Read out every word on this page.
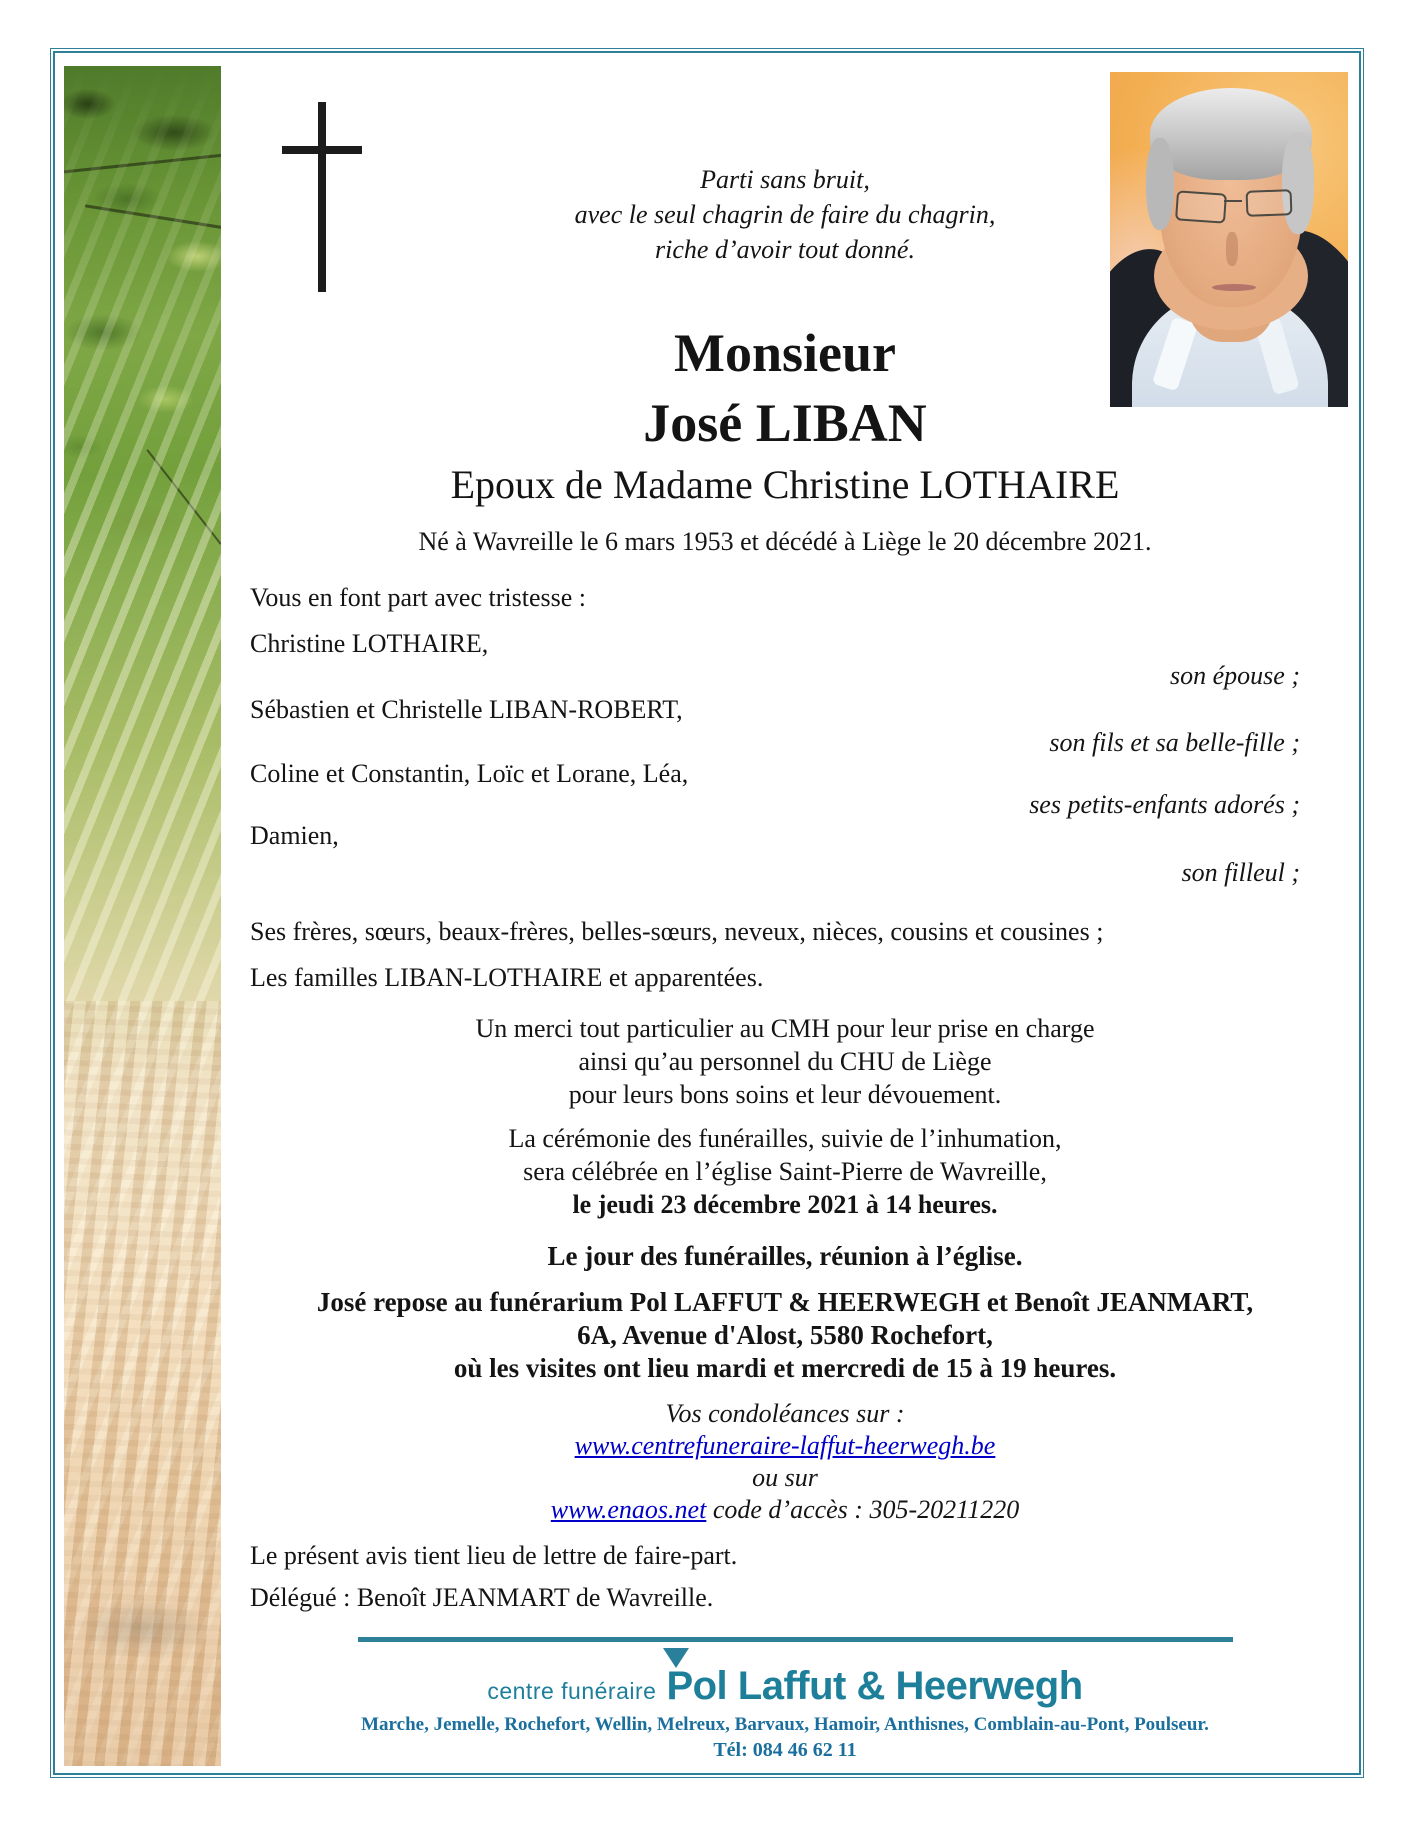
Parti sans bruit,
avec le seul chagrin de faire du chagrin,
riche d’avoir tout donné.
Monsieur
José LIBAN
Epoux de Madame Christine LOTHAIRE
Né à Wavreille le 6 mars 1953 et décédé à Liège le 20 décembre 2021.
Vous en font part avec tristesse :
Christine LOTHAIRE,
son épouse ;
Sébastien et Christelle LIBAN-ROBERT,
son fils et sa belle-fille ;
Coline et Constantin, Loïc et Lorane, Léa,
ses petits-enfants adorés ;
Damien,
son filleul ;
Ses frères, sœurs, beaux-frères, belles-sœurs, neveux, nièces, cousins et cousines ;
Les familles LIBAN-LOTHAIRE et apparentées.
Un merci tout particulier au CMH pour leur prise en charge
ainsi qu’au personnel du CHU de Liège
pour leurs bons soins et leur dévouement.
La cérémonie des funérailles, suivie de l’inhumation,
sera célébrée en l’église Saint-Pierre de Wavreille,
le jeudi 23 décembre 2021 à 14 heures.
Le jour des funérailles, réunion à l’église.
José repose au funérarium Pol LAFFUT & HEERWEGH et Benoît JEANMART,
6A, Avenue d'Alost, 5580 Rochefort,
où les visites ont lieu mardi et mercredi de 15 à 19 heures.
Vos condoléances sur :
www.centrefuneraire-laffut-heerwegh.be
ou sur
www.enaos.net code d’accès : 305-20211220
Le présent avis tient lieu de lettre de faire-part.
Délégué : Benoît JEANMART de Wavreille.
centre funéraire Pol Laffut & Heerwegh
Marche, Jemelle, Rochefort, Wellin, Melreux, Barvaux, Hamoir, Anthisnes, Comblain-au-Pont, Poulseur.
Tél: 084 46 62 11
